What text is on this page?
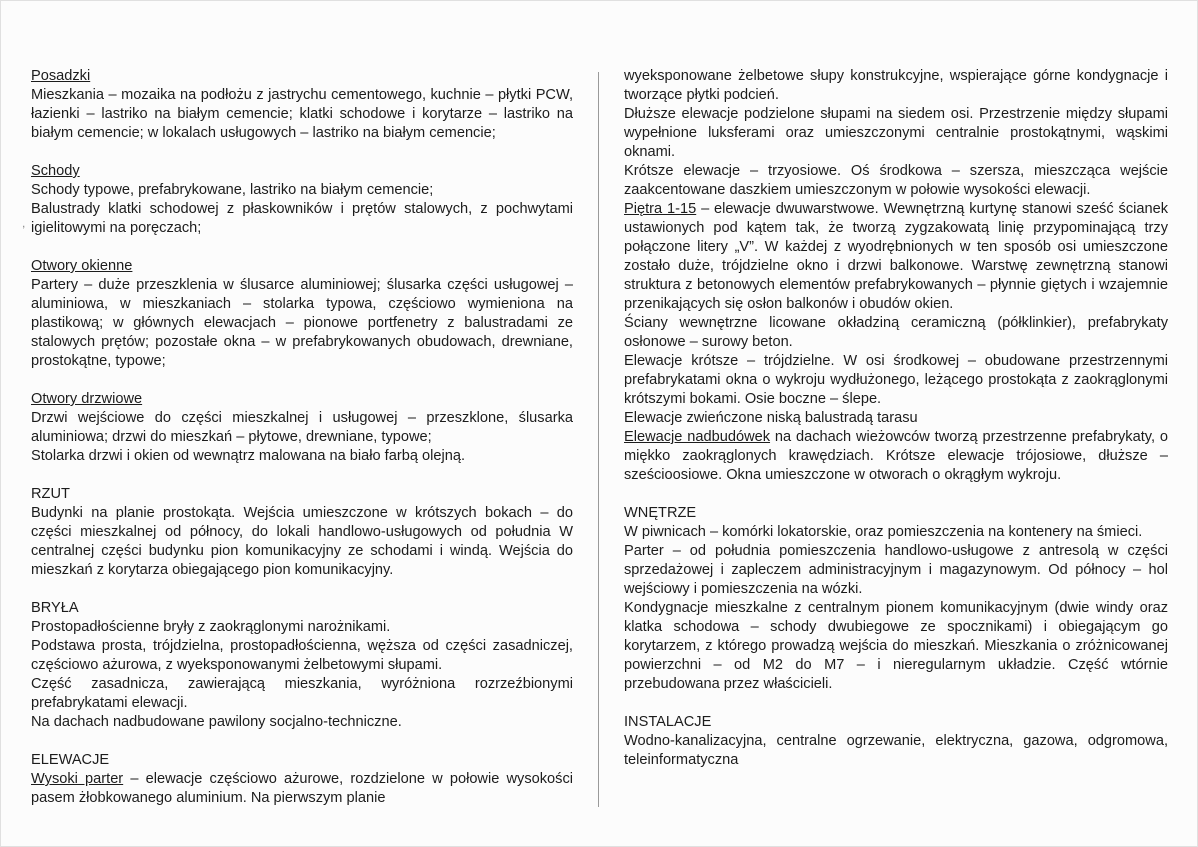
,
Posadzki

Mieszkania – mozaika na podłożu z jastrychu cementowego, kuchnie – płytki PCW, łazienki – lastriko na białym cemencie; klatki schodowe i korytarze – lastriko na białym cemencie; w lokalach usługowych – lastriko na białym cemencie;

Schody

Schody typowe, prefabrykowane, lastriko na białym cemencie;

Balustrady klatki schodowej z płaskowników i prętów stalowych, z pochwytami igielitowymi na poręczach;

Otwory okienne

Partery – duże przeszklenia w ślusarce aluminiowej; ślusarka części usługowej – aluminiowa, w mieszkaniach – stolarka typowa, częściowo wymieniona na plastikową; w głównych elewacjach – pionowe portfenetry z balustradami ze stalowych prętów; pozostałe okna – w prefabrykowanych obudowach, drewniane, prostokątne, typowe;

Otwory drzwiowe

Drzwi wejściowe do części mieszkalnej i usługowej – przeszklone, ślusarka aluminiowa; drzwi do mieszkań – płytowe, drewniane, typowe;

Stolarka drzwi i okien od wewnątrz malowana na biało farbą olejną.

RZUT

Budynki na planie prostokąta. Wejścia umieszczone w krótszych bokach – do części mieszkalnej od północy, do lokali handlowo-usługowych od południa W centralnej części budynku pion komunikacyjny ze schodami i windą. Wejścia do mieszkań z korytarza obiegającego pion komunikacyjny.

BRYŁA

Prostopadłościenne bryły z zaokrąglonymi narożnikami.

Podstawa prosta, trójdzielna, prostopadłościenna, węższa od części zasadniczej, częściowo ażurowa, z wyeksponowanymi żelbetowymi słupami.

Część zasadnicza, zawierającą mieszkania, wyróżniona rozrzeźbionymi prefabrykatami elewacji.

Na dachach nadbudowane pawilony socjalno-techniczne.

ELEWACJE

Wysoki parter – elewacje częściowo ażurowe, rozdzielone w połowie wysokości pasem żłobkowanego aluminium. Na pierwszym planie

wyeksponowane żelbetowe słupy konstrukcyjne, wspierające górne kondygnacje i tworzące płytki podcień.

Dłuższe elewacje podzielone słupami na siedem osi. Przestrzenie między słupami wypełnione luksferami oraz umieszczonymi centralnie prostokątnymi, wąskimi oknami.

Krótsze elewacje – trzyosiowe. Oś środkowa – szersza, mieszcząca wejście zaakcentowane daszkiem umieszczonym w połowie wysokości elewacji.

Piętra 1-15 – elewacje dwuwarstwowe. Wewnętrzną kurtynę stanowi sześć ścianek ustawionych pod kątem tak, że tworzą zygzakowatą linię przypominającą trzy połączone litery „V”. W każdej z wyodrębnionych w ten sposób osi umieszczone zostało duże, trójdzielne okno i drzwi balkonowe. Warstwę zewnętrzną stanowi struktura z betonowych elementów prefabrykowanych – płynnie giętych i wzajemnie przenikających się osłon balkonów i obudów okien.

Ściany wewnętrzne licowane okładziną ceramiczną (półklinkier), prefabrykaty osłonowe – surowy beton.

Elewacje krótsze – trójdzielne. W osi środkowej – obudowane przestrzennymi prefabrykatami okna o wykroju wydłużonego, leżącego prostokąta z zaokrąglonymi krótszymi bokami. Osie boczne – ślepe.

Elewacje zwieńczone niską balustradą tarasu

Elewacje nadbudówek na dachach wieżowców tworzą przestrzenne prefabrykaty, o miękko zaokrąglonych krawędziach. Krótsze elewacje trójosiowe, dłuższe – sześcioosiowe. Okna umieszczone w otworach o okrągłym wykroju.

WNĘTRZE

W piwnicach – komórki lokatorskie, oraz pomieszczenia na kontenery na śmieci.

Parter – od południa pomieszczenia handlowo-usługowe z antresolą w części sprzedażowej i zapleczem administracyjnym i magazynowym. Od północy – hol wejściowy i pomieszczenia na wózki.

Kondygnacje mieszkalne z centralnym pionem komunikacyjnym (dwie windy oraz klatka schodowa – schody dwubiegowe ze spocznikami) i obiegającym go korytarzem, z którego prowadzą wejścia do mieszkań. Mieszkania o zróżnicowanej powierzchni – od M2 do M7 – i nieregularnym układzie. Część wtórnie przebudowana przez właścicieli.

INSTALACJE

Wodno-kanalizacyjna, centralne ogrzewanie, elektryczna, gazowa, odgromowa, teleinformatyczna
